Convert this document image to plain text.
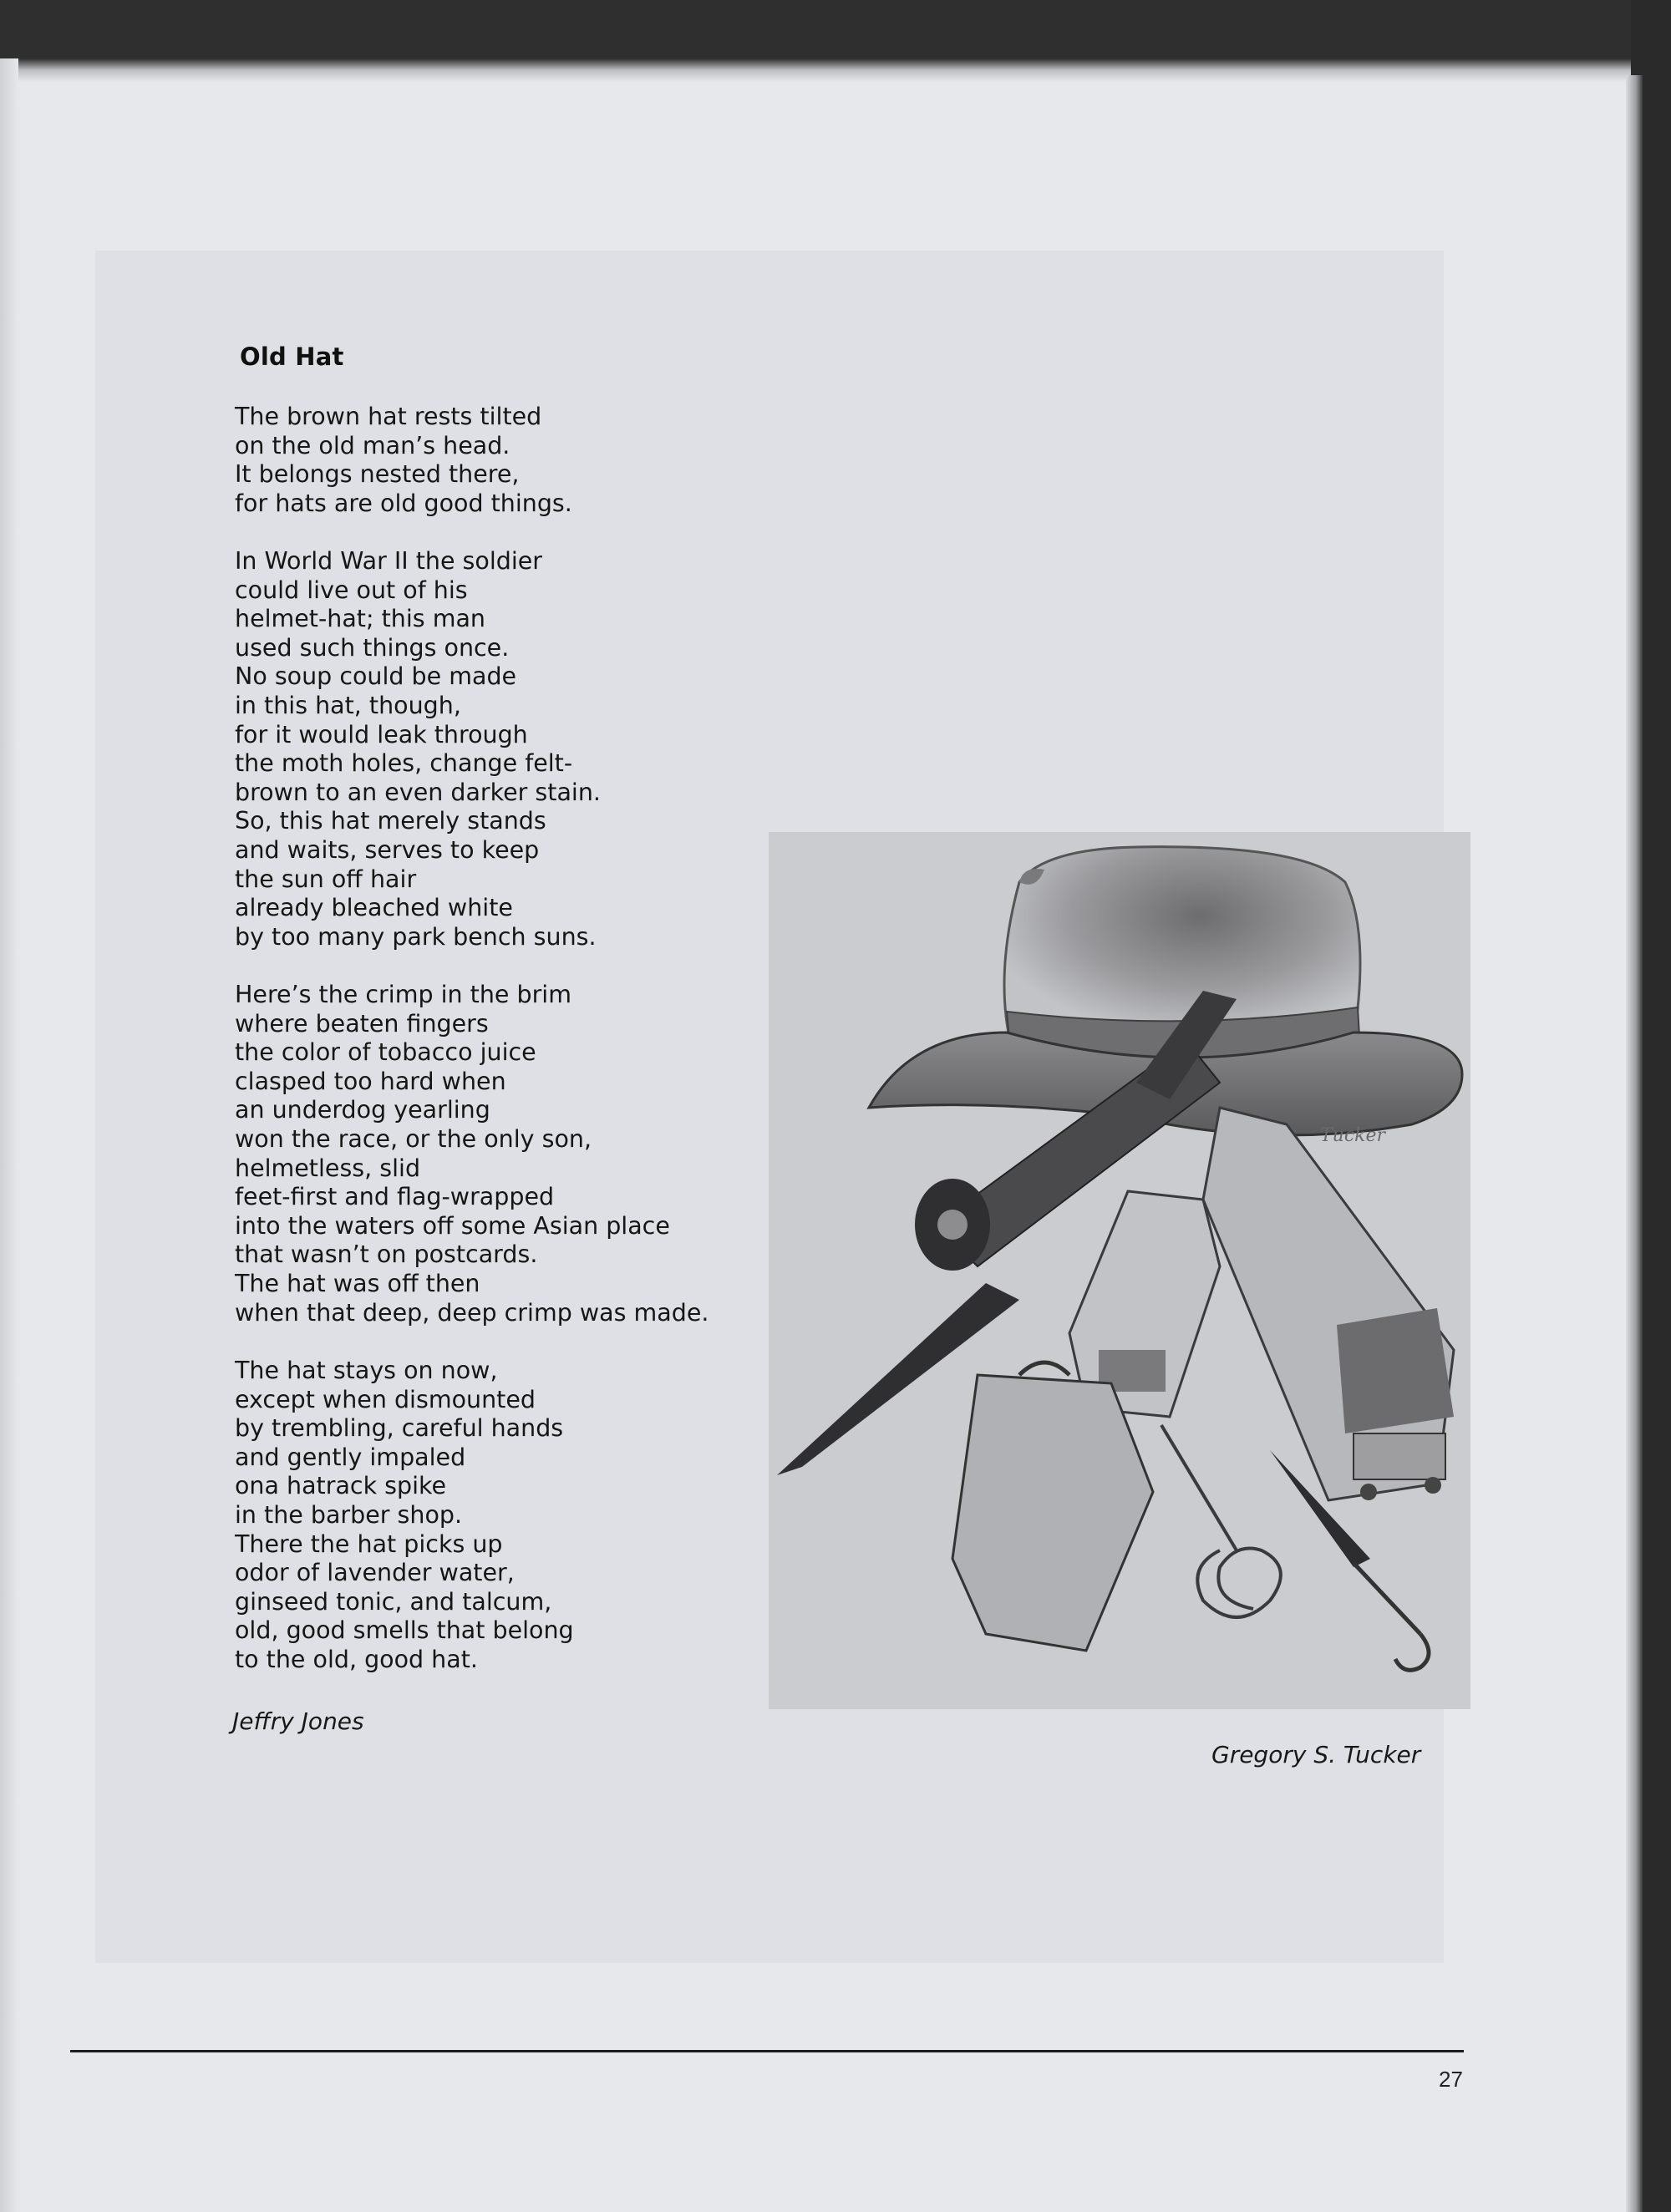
Old Hat
The brown hat rests tilted
on the old man’s head.
It belongs nested there,
for hats are old good things.
In World War II the soldier
could live out of his
helmet-hat; this man
used such things once.
No soup could be made
in this hat, though,
for it would leak through
the moth holes, change felt-
brown to an even darker stain.
So, this hat merely stands
and waits, serves to keep
the sun off hair
already bleached white
by too many park bench suns.
Here’s the crimp in the brim
where beaten fingers
the color of tobacco juice
clasped too hard when
an underdog yearling
won the race, or the only son,
helmetless, slid
feet-first and flag-wrapped
into the waters off some Asian place
that wasn’t on postcards.
The hat was off then
when that deep, deep crimp was made.
The hat stays on now,
except when dismounted
by trembling, careful hands
and gently impaled
ona hatrack spike
in the barber shop.
There the hat picks up
odor of lavender water,
ginseed tonic, and talcum,
old, good smells that belong
to the old, good hat.
Jeffry Jones
Tucker
Gregory S. Tucker
27
